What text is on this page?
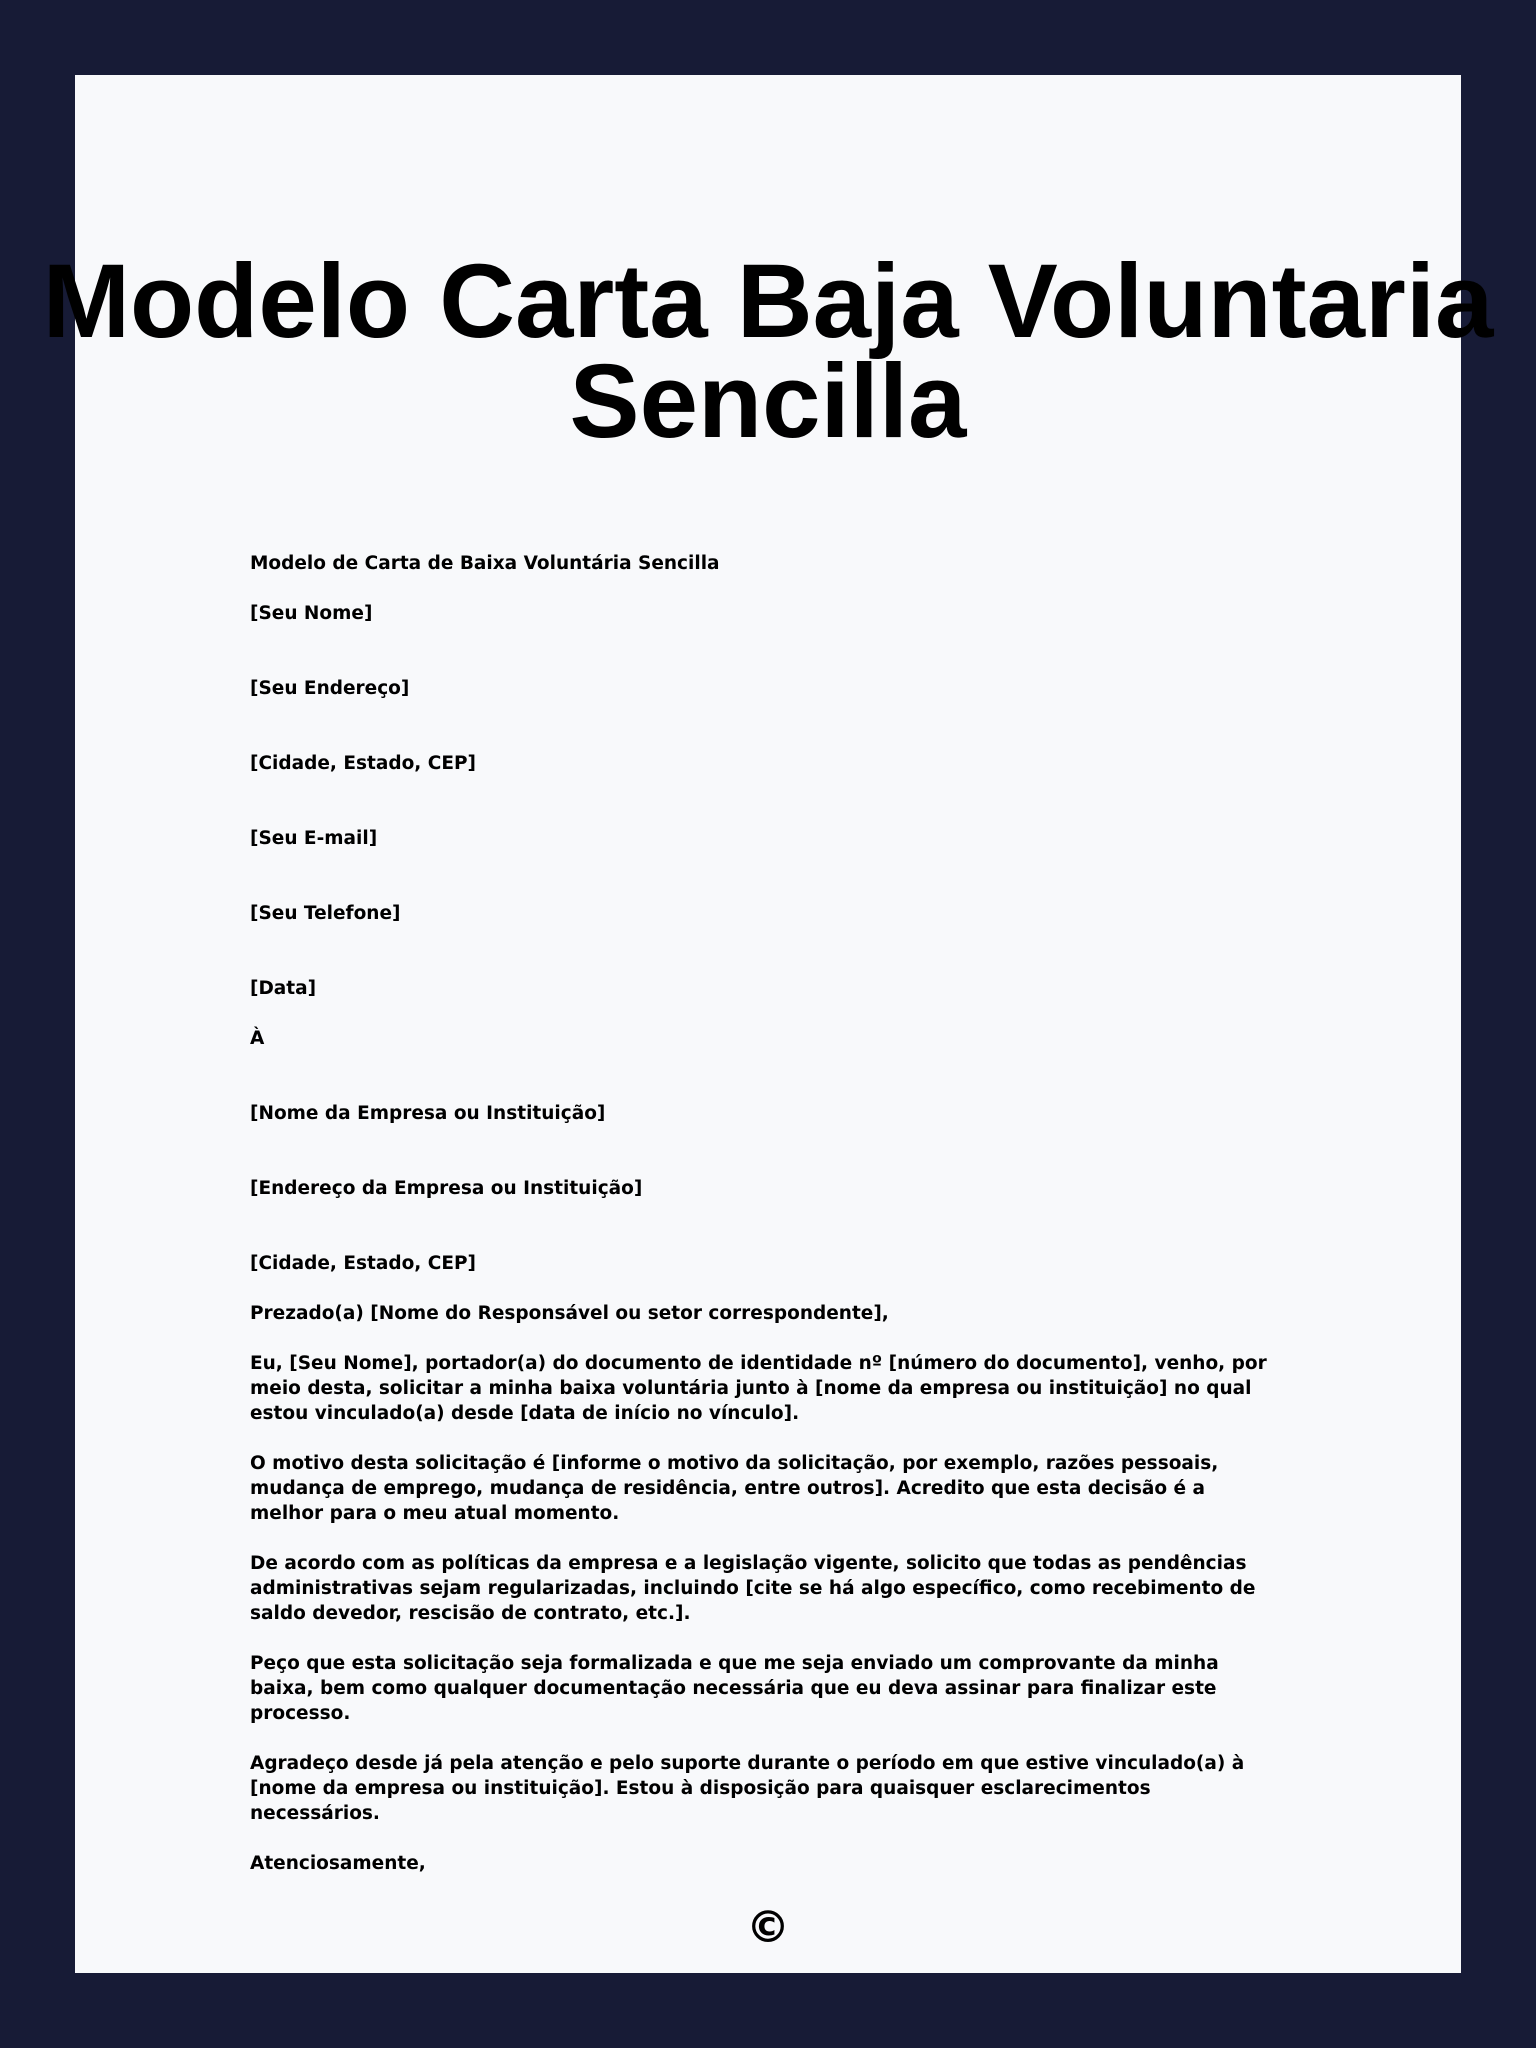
Modelo Carta Baja Voluntaria Sencilla

Modelo de Carta de Baixa Voluntária Sencilla

[Seu Nome]

[Seu Endereço]

[Cidade, Estado, CEP]

[Seu E-mail]

[Seu Telefone]

[Data]

À

[Nome da Empresa ou Instituição]

[Endereço da Empresa ou Instituição]

[Cidade, Estado, CEP]

Prezado(a) [Nome do Responsável ou setor correspondente],

Eu, [Seu Nome], portador(a) do documento de identidade nº [número do documento], venho, por meio desta, solicitar a minha baixa voluntária junto à [nome da empresa ou instituição] no qual estou vinculado(a) desde [data de início no vínculo].

O motivo desta solicitação é [informe o motivo da solicitação, por exemplo, razões pessoais, mudança de emprego, mudança de residência, entre outros]. Acredito que esta decisão é a melhor para o meu atual momento.

De acordo com as políticas da empresa e a legislação vigente, solicito que todas as pendências administrativas sejam regularizadas, incluindo [cite se há algo específico, como recebimento de saldo devedor, rescisão de contrato, etc.].

Peço que esta solicitação seja formalizada e que me seja enviado um comprovante da minha baixa, bem como qualquer documentação necessária que eu deva assinar para finalizar este processo.

Agradeço desde já pela atenção e pelo suporte durante o período em que estive vinculado(a) à [nome da empresa ou instituição]. Estou à disposição para quaisquer esclarecimentos necessários.

Atenciosamente,

©
